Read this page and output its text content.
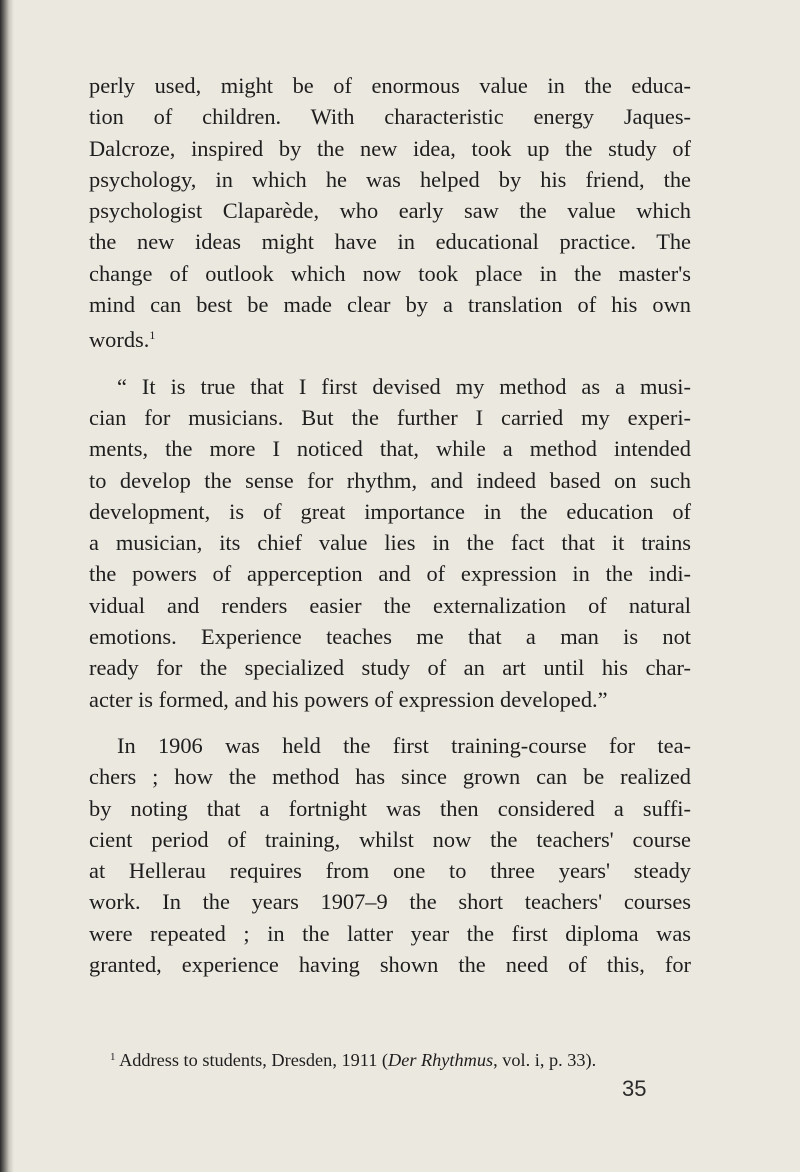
perly used, might be of enormous value in the educa-
tion of children. With characteristic energy Jaques-
Dalcroze, inspired by the new idea, took up the study of
psychology, in which he was helped by his friend, the
psychologist Claparède, who early saw the value which
the new ideas might have in educational practice. The
change of outlook which now took place in the master's
mind can best be made clear by a translation of his own
words.$^1$
“ It is true that I first devised my method as a musi-
cian for musicians. But the further I carried my experi-
ments, the more I noticed that, while a method intended
to develop the sense for rhythm, and indeed based on such
development, is of great importance in the education of
a musician, its chief value lies in the fact that it trains
the powers of apperception and of expression in the indi-
vidual and renders easier the externalization of natural
emotions. Experience teaches me that a man is not
ready for the specialized study of an art until his char-
acter is formed, and his powers of expression developed.”
In 1906 was held the first training-course for tea-
chers ; how the method has since grown can be realized
by noting that a fortnight was then considered a suffi-
cient period of training, whilst now the teachers' course
at Hellerau requires from one to three years' steady
work. In the years 1907–9 the short teachers' courses
were repeated ; in the latter year the first diploma was
granted, experience having shown the need of this, for
$^1$ Address to students, Dresden, 1911 (Der Rhythmus, vol. i, p. 33).
35
